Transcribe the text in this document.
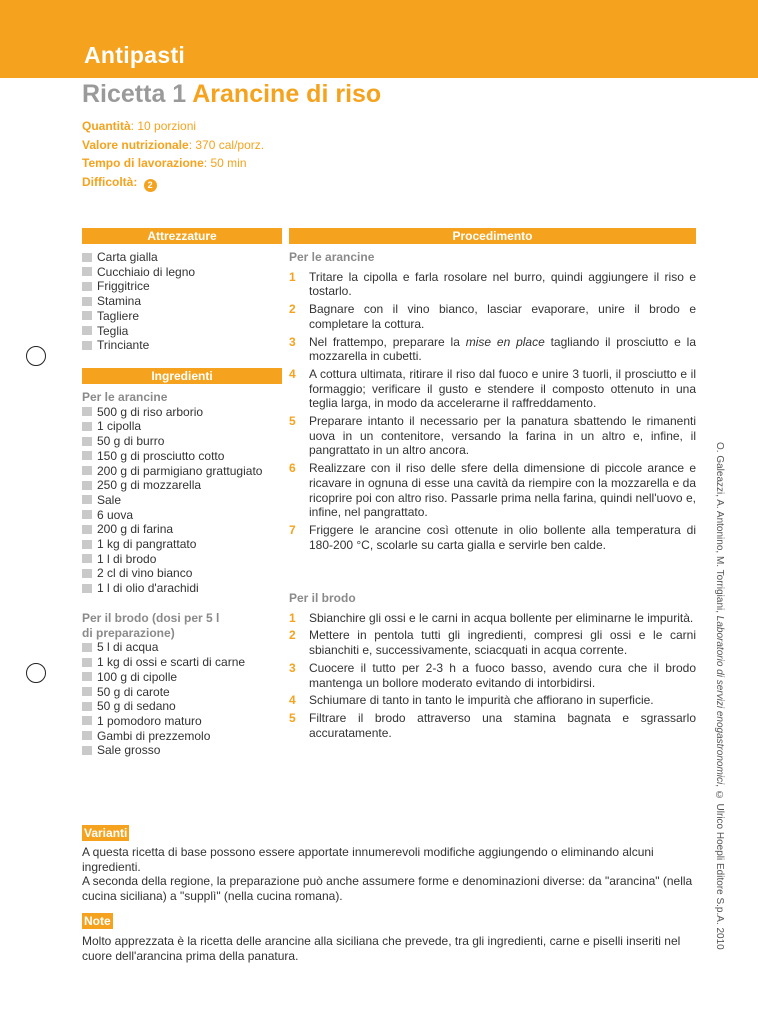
Antipasti
Ricetta 1 Arancine di riso
Quantità: 10 porzioni
Valore nutrizionale: 370 cal/porz.
Tempo di lavorazione: 50 min
Difficoltà: 2
Attrezzature
Carta gialla
Cucchiaio di legno
Friggitrice
Stamina
Tagliere
Teglia
Trinciante
Ingredienti
Per le arancine
500 g di riso arborio
1 cipolla
50 g di burro
150 g di prosciutto cotto
200 g di parmigiano grattugiato
250 g di mozzarella
Sale
6 uova
200 g di farina
1 kg di pangrattato
1 l di brodo
2 cl di vino bianco
1 l di olio d'arachidi
Per il brodo (dosi per 5 l
di preparazione)
5 l di acqua
1 kg di ossi e scarti di carne
100 g di cipolle
50 g di carote
50 g di sedano
1 pomodoro maturo
Gambi di prezzemolo
Sale grosso
Procedimento
Per le arancine
1	Tritare la cipolla e farla rosolare nel burro, quindi aggiungere il riso e tostarlo.
2	Bagnare con il vino bianco, lasciar evaporare, unire il brodo e completare la cottura.
3	Nel frattempo, preparare la mise en place tagliando il prosciutto e la mozzarella in cubetti.
4	A cottura ultimata, ritirare il riso dal fuoco e unire 3 tuorli, il prosciutto e il formaggio; verificare il gusto e stendere il composto ottenuto in una teglia larga, in modo da accelerarne il raffreddamento.
5	Preparare intanto il necessario per la panatura sbattendo le rimanenti uova in un contenitore, versando la farina in un altro e, infine, il pangrattato in un altro ancora.
6	Realizzare con il riso delle sfere della dimensione di piccole arance e ricavare in ognuna di esse una cavità da riempire con la mozzarella e da ricoprire poi con altro riso. Passarle prima nella farina, quindi nell'uovo e, infine, nel pangrattato.
7	Friggere le arancine così ottenute in olio bollente alla temperatura di 180-200 °C, scolarle su carta gialla e servirle ben calde.
Per il brodo
1	Sbianchire gli ossi e le carni in acqua bollente per eliminarne le impurità.
2	Mettere in pentola tutti gli ingredienti, compresi gli ossi e le carni sbianchiti e, successivamente, sciacquati in acqua corrente.
3	Cuocere il tutto per 2-3 h a fuoco basso, avendo cura che il brodo mantenga un bollore moderato evitando di intorbidirsi.
4	Schiumare di tanto in tanto le impurità che affiorano in superficie.
5	Filtrare il brodo attraverso una stamina bagnata e sgrassarlo accuratamente.
O. Galeazzi, A. Antonino, M. Torrigiani, Laboratorio di servizi enogastronomici, © Ulrico Hoepli Editore S.p.A. 2010
Varianti
A questa ricetta di base possono essere apportate innumerevoli modifiche aggiungendo o eliminando alcuni ingredienti.
A seconda della regione, la preparazione può anche assumere forme e denominazioni diverse: da "arancina" (nella cucina siciliana) a "supplì" (nella cucina romana).
Note
Molto apprezzata è la ricetta delle arancine alla siciliana che prevede, tra gli ingredienti, carne e piselli inseriti nel cuore dell'arancina prima della panatura.
